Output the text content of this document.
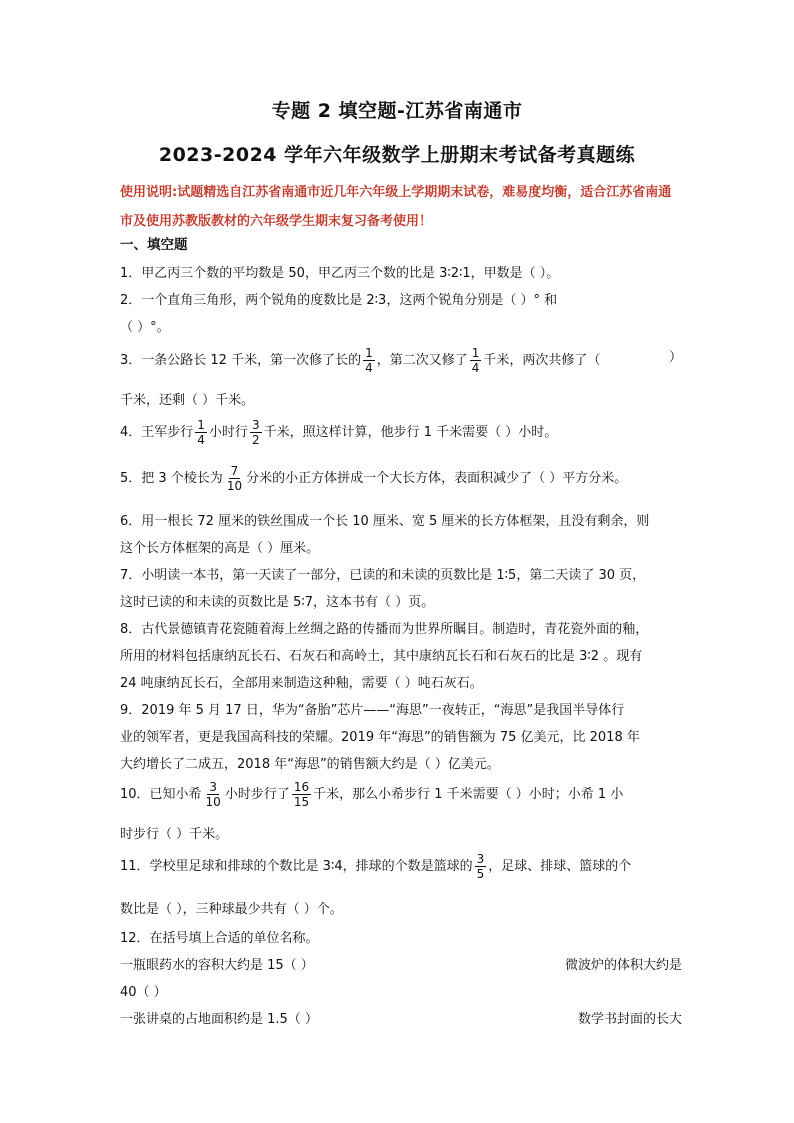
专题 2 填空题-江苏省南通市
2023-2024 学年六年级数学上册期末考试备考真题练
使用说明:试题精选自江苏省南通市近几年六年级上学期期末试卷，难易度均衡，适合江苏省南通市及使用苏教版教材的六年级学生期末复习备考使用！
一、填空题
1．甲乙丙三个数的平均数是 50，甲乙丙三个数的比是 3∶2∶1，甲数是（ ）。
2．一个直角三角形，两个锐角的度数比是 2∶3，这两个锐角分别是（ ）° 和
（ ）°。
3．一条公路长 12 千米，第一次修了长的 $\frac{1}{4}$ ，第二次又修了 $\frac{1}{4}$ 千米，两次共修了（	）
千米，还剩（ ）千米。
4．王军步行 $\frac{1}{4}$ 小时行 $\frac{3}{2}$ 千米，照这样计算，他步行 1 千米需要（ ）小时。
5．把 3 个棱长为 $\frac{7}{10}$ 分米的小正方体拼成一个大长方体，表面积减少了（ ）平方分米。
6．用一根长 72 厘米的铁丝围成一个长 10 厘米、宽 5 厘米的长方体框架，且没有剩余，则
这个长方体框架的高是（ ）厘米。
7．小明读一本书，第一天读了一部分，已读的和未读的页数比是 1∶5，第二天读了 30 页，
这时已读的和未读的页数比是 5∶7，这本书有（ ）页。
8．古代景德镇青花瓷随着海上丝绸之路的传播而为世界所瞩目。制造时，青花瓷外面的釉，
所用的材料包括康纳瓦长石、石灰石和高岭土，其中康纳瓦长石和石灰石的比是 3∶2 。现有
24 吨康纳瓦长石，全部用来制造这种釉，需要（ ）吨石灰石。
9．2019 年 5 月 17 日，华为“备胎”芯片——“海思”一夜转正，“海思”是我国半导体行
业的领军者，更是我国高科技的荣耀。2019 年“海思”的销售额为 75 亿美元，比 2018 年
大约增长了二成五，2018 年“海思”的销售额大约是（ ）亿美元。
10．已知小希 $\frac{3}{10}$ 小时步行了 $\frac{16}{15}$ 千米，那么小希步行 1 千米需要（ ）小时；小希 1 小
时步行（ ）千米。
11．学校里足球和排球的个数比是 3∶4，排球的个数是篮球的 $\frac{3}{5}$ ，足球、排球、篮球的个
数比是（ ），三种球最少共有（ ）个。
12．在括号填上合适的单位名称。
一瓶眼药水的容积大约是 15（ ）	微波炉的体积大约是
40（ ）
一张讲桌的占地面积约是 1.5（ ）	数学书封面的长大
